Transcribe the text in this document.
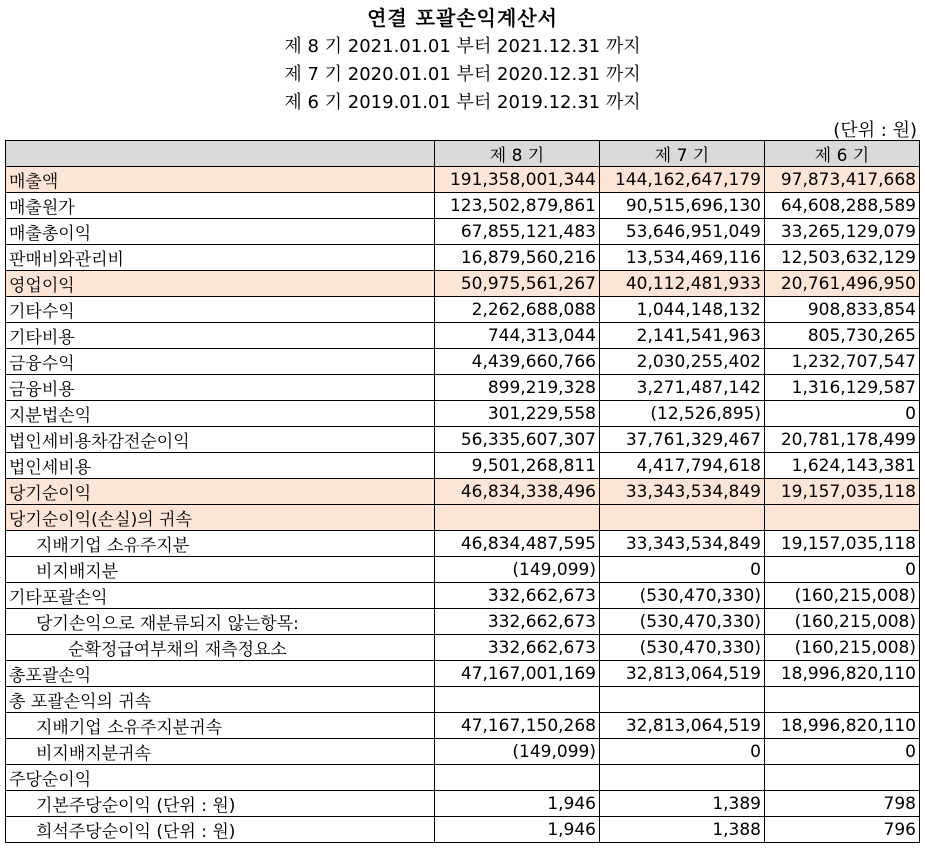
연결 포괄손익계산서
제 8 기 2021.01.01 부터 2021.12.31 까지
제 7 기 2020.01.01 부터 2020.12.31 까지
제 6 기 2019.01.01 부터 2019.12.31 까지
(단위 : 원)
	제 8 기	제 7 기	제 6 기
매출액	191,358,001,344	144,162,647,179	97,873,417,668
매출원가	123,502,879,861	90,515,696,130	64,608,288,589
매출총이익	67,855,121,483	53,646,951,049	33,265,129,079
판매비와관리비	16,879,560,216	13,534,469,116	12,503,632,129
영업이익	50,975,561,267	40,112,481,933	20,761,496,950
기타수익	2,262,688,088	1,044,148,132	908,833,854
기타비용	744,313,044	2,141,541,963	805,730,265
금융수익	4,439,660,766	2,030,255,402	1,232,707,547
금융비용	899,219,328	3,271,487,142	1,316,129,587
지분법손익	301,229,558	(12,526,895)	0
법인세비용차감전순이익	56,335,607,307	37,761,329,467	20,781,178,499
법인세비용	9,501,268,811	4,417,794,618	1,624,143,381
당기순이익	46,834,338,496	33,343,534,849	19,157,035,118
당기순이익(손실)의 귀속			
지배기업 소유주지분	46,834,487,595	33,343,534,849	19,157,035,118
비지배지분	(149,099)	0	0
기타포괄손익	332,662,673	(530,470,330)	(160,215,008)
당기손익으로 재분류되지 않는항목:	332,662,673	(530,470,330)	(160,215,008)
순확정급여부채의 재측정요소	332,662,673	(530,470,330)	(160,215,008)
총포괄손익	47,167,001,169	32,813,064,519	18,996,820,110
총 포괄손익의 귀속			
지배기업 소유주지분귀속	47,167,150,268	32,813,064,519	18,996,820,110
비지배지분귀속	(149,099)	0	0
주당순이익			
기본주당순이익 (단위 : 원)	1,946	1,389	798
희석주당순이익 (단위 : 원)	1,946	1,388	796
